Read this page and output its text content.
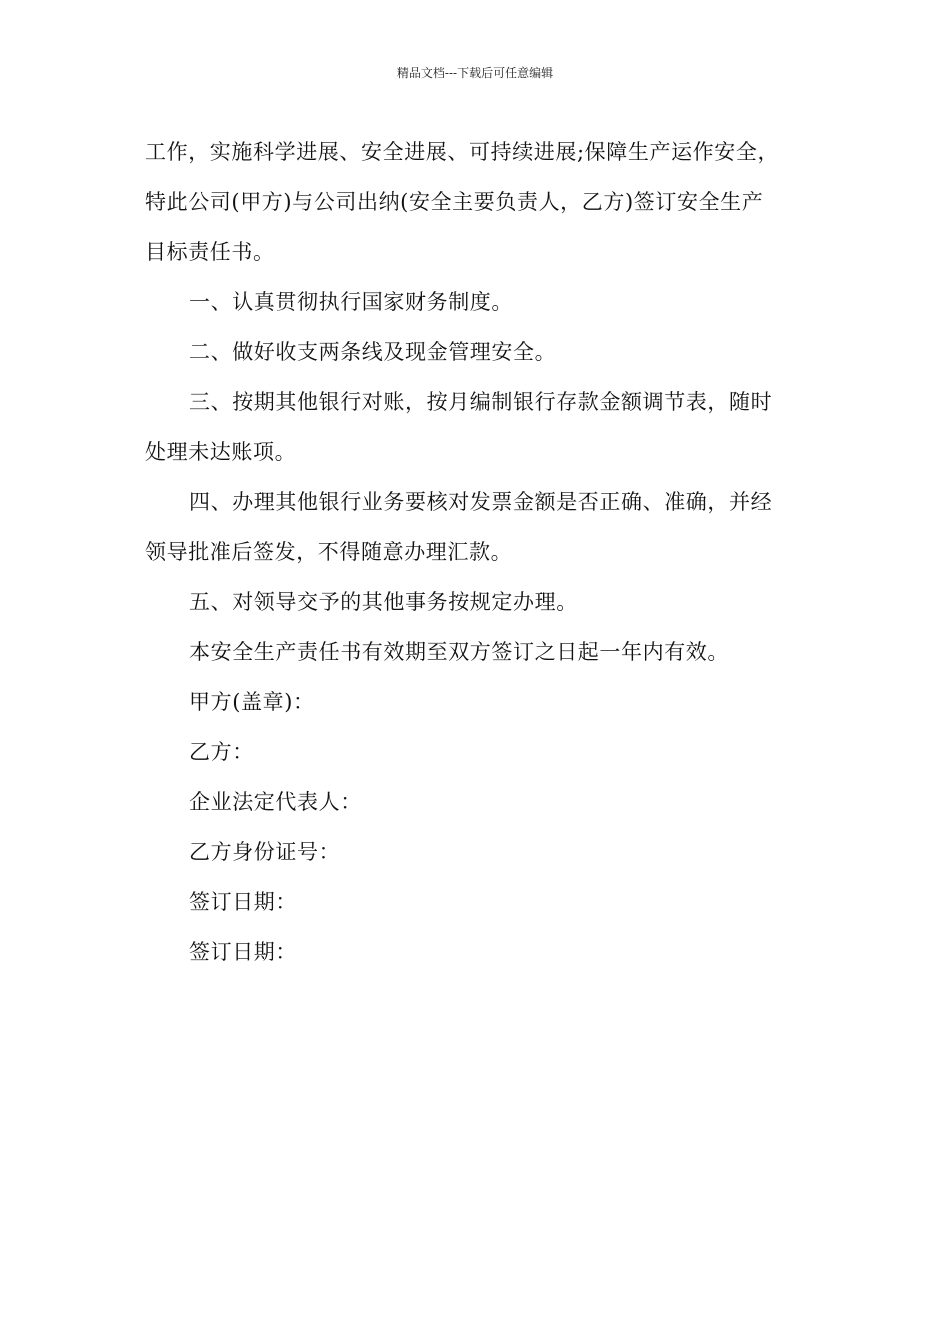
精品文档---下载后可任意编辑

工作，实施科学进展、安全进展、可持续进展;保障生产运作安全，

特此公司(甲方)与公司出纳(安全主要负责人，乙方)签订安全生产

目标责任书。

一、认真贯彻执行国家财务制度。

二、做好收支两条线及现金管理安全。

三、按期其他银行对账，按月编制银行存款金额调节表，随时

处理未达账项。

四、办理其他银行业务要核对发票金额是否正确、准确，并经

领导批准后签发，不得随意办理汇款。

五、对领导交予的其他事务按规定办理。

本安全生产责任书有效期至双方签订之日起一年内有效。

甲方(盖章)：

乙方：

企业法定代表人：

乙方身份证号：

签订日期：

签订日期：
